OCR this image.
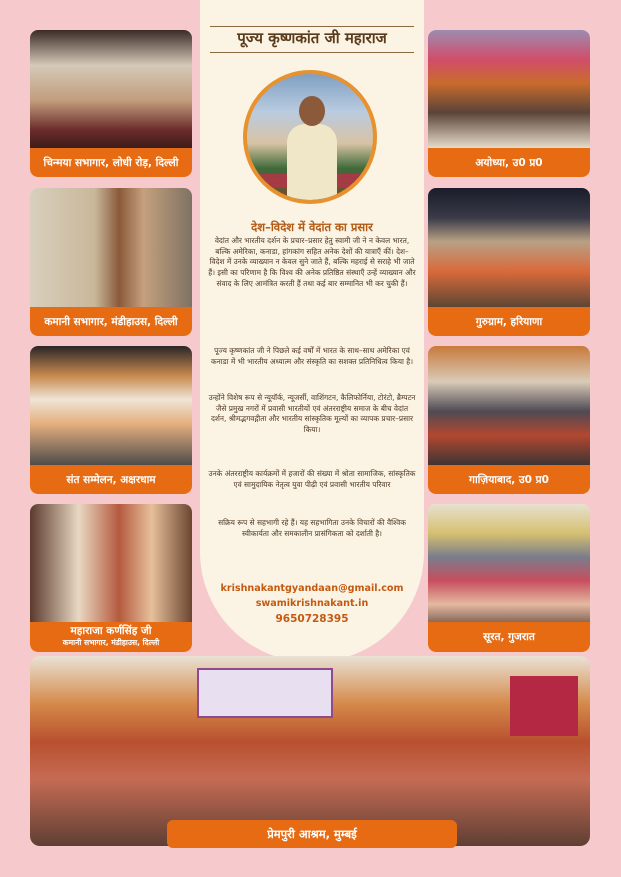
पूज्य कृष्णकांत जी महाराज
देश–विदेश में वेदांत का प्रसार
वेदांत और भारतीय दर्शन के प्रचार–प्रसार हेतु स्वामी जी ने न केवल भारत, बल्कि अमेरिका, कनाडा, हांगकांग सहित अनेक देशों की यात्राएँ कीं। देश–विदेश में उनके व्याख्यान न केवल सुने जाते हैं, बल्कि महराई से सराहे भी जाते हैं। इसी का परिणाम है कि विश्व की अनेक प्रतिष्ठित संस्थाएँ उन्हें व्याख्यान और संवाद के लिए आमंत्रित करती हैं तथा कई बार सम्मानित भी कर चुकी हैं।
पूज्य कृष्णकांत जी ने पिछले कई वर्षों में भारत के साथ–साथ अमेरिका एवं कनाडा में भी भारतीय अध्यात्म और संस्कृति का सशक्त प्रतिनिधित्व किया है।
उन्होंने विशेष रूप से न्यूयॉर्क, न्यूजर्सी, वाशिंगटन, कैलिफोर्निया, टोरंटो, ब्रैम्पटन जैसे प्रमुख नगरों में प्रवासी भारतीयों एवं अंतरराष्ट्रीय समाज के बीच वेदांत दर्शन, श्रीमद्भगवद्गीता और भारतीय सांस्कृतिक मूल्यों का व्यापक प्रचार–प्रसार किया।
उनके अंतरराष्ट्रीय कार्यक्रमों में हजारों की संख्या में श्रोता सामाजिक, सांस्कृतिक एवं सामुदायिक नेतृत्व युवा पीढ़ी एवं प्रवासी भारतीय परिवार
सक्रिय रूप से सहभागी रहे हैं। यह सहभागिता उनके विचारों की वैश्विक स्वीकार्यता और समकालीन प्रासंगिकता को दर्शाती है।
krishnakantgyandaan@gmail.com
swamikrishnakant.in
9650728395
चिन्मया सभागार, लोधी रोड़, दिल्ली
कमानी सभागार, मंडीहाउस, दिल्ली
संत सम्मेलन, अक्षरधाम
महाराजा कर्णसिंह जी
कमानी सभागार, मंडीहाउस, दिल्ली
अयोध्या, उ0 प्र0
गुरुग्राम, हरियाणा
गाज़ियाबाद, उ0 प्र0
सूरत, गुजरात
प्रेमपुरी आश्रम, मुम्बई
